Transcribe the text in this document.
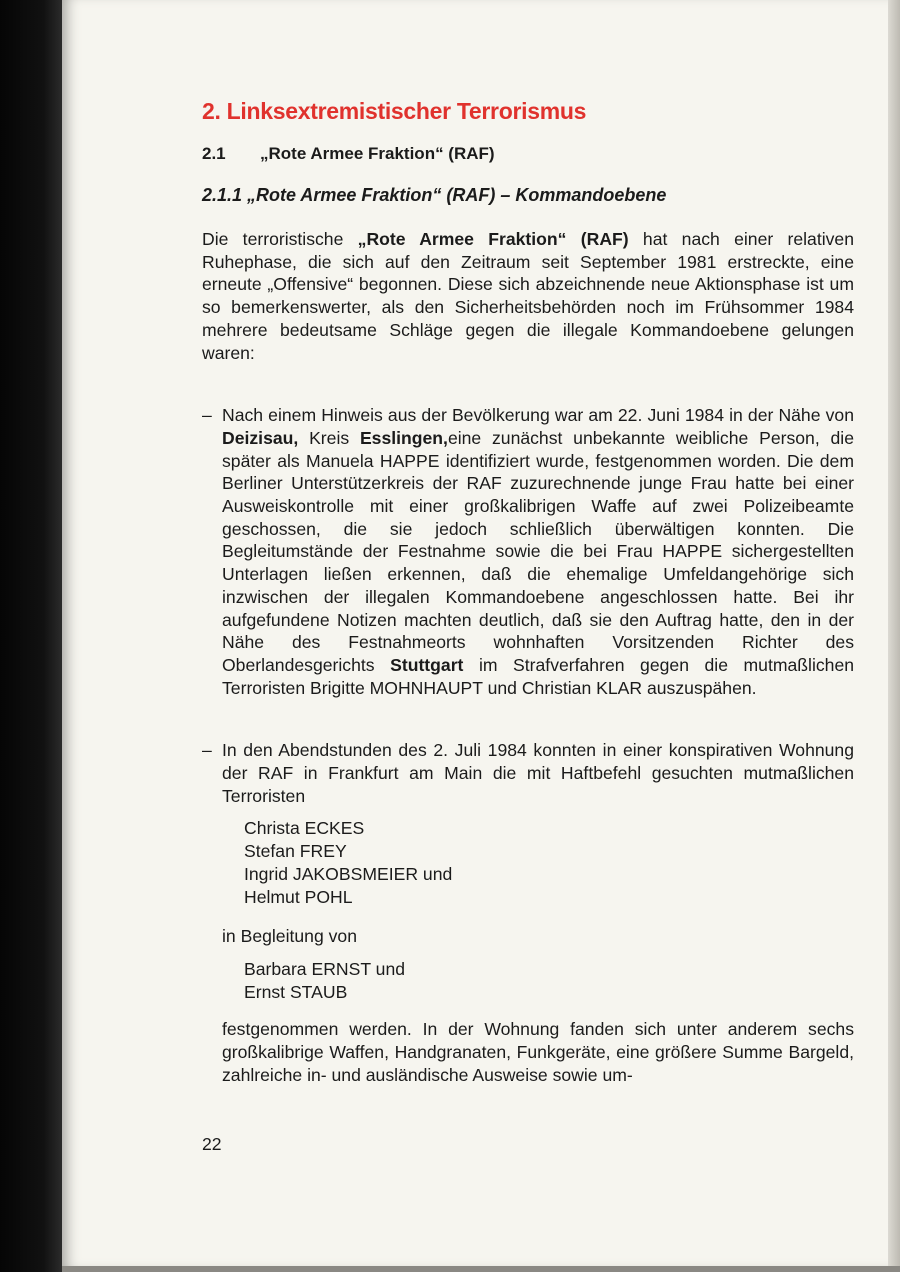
2. Linksextremistischer Terrorismus
2.1 „Rote Armee Fraktion“ (RAF)
2.1.1 „Rote Armee Fraktion“ (RAF) – Kommandoebene

Die terroristische „Rote Armee Fraktion“ (RAF) hat nach einer relativen Ruhephase, die sich auf den Zeitraum seit September 1981 erstreckte, eine erneute „Offensive“ begonnen. Diese sich abzeichnende neue Aktionsphase ist um so bemerkenswerter, als den Sicherheitsbehörden noch im Frühsommer 1984 mehrere bedeutsame Schläge gegen die illegale Kommandoebene gelungen waren:

– Nach einem Hinweis aus der Bevölkerung war am 22. Juni 1984 in der Nähe von Deizisau, Kreis Esslingen,eine zunächst unbekannte weibliche Person, die später als Manuela HAPPE identifiziert wurde, festgenommen worden. Die dem Berliner Unterstützerkreis der RAF zuzurechnende junge Frau hatte bei einer Ausweiskontrolle mit einer großkalibrigen Waffe auf zwei Polizeibeamte geschossen, die sie jedoch schließlich überwältigen konnten. Die Begleitumstände der Festnahme sowie die bei Frau HAPPE sichergestellten Unterlagen ließen erkennen, daß die ehemalige Umfeldangehörige sich inzwischen der illegalen Kommandoebene angeschlossen hatte. Bei ihr aufgefundene Notizen machten deutlich, daß sie den Auftrag hatte, den in der Nähe des Festnahmeorts wohnhaften Vorsitzenden Richter des Oberlandesgerichts Stuttgart im Strafverfahren gegen die mutmaßlichen Terroristen Brigitte MOHNHAUPT und Christian KLAR auszuspähen.
– In den Abendstunden des 2. Juli 1984 konnten in einer konspirativen Wohnung der RAF in Frankfurt am Main die mit Haftbefehl gesuchten mutmaßlichen Terroristen
Christa ECKES
Stefan FREY
Ingrid JAKOBSMEIER und
Helmut POHL
in Begleitung von
Barbara ERNST und
Ernst STAUB
festgenommen werden. In der Wohnung fanden sich unter anderem sechs großkalibrige Waffen, Handgranaten, Funkgeräte, eine größere Summe Bargeld, zahlreiche in- und ausländische Ausweise sowie um-
22
